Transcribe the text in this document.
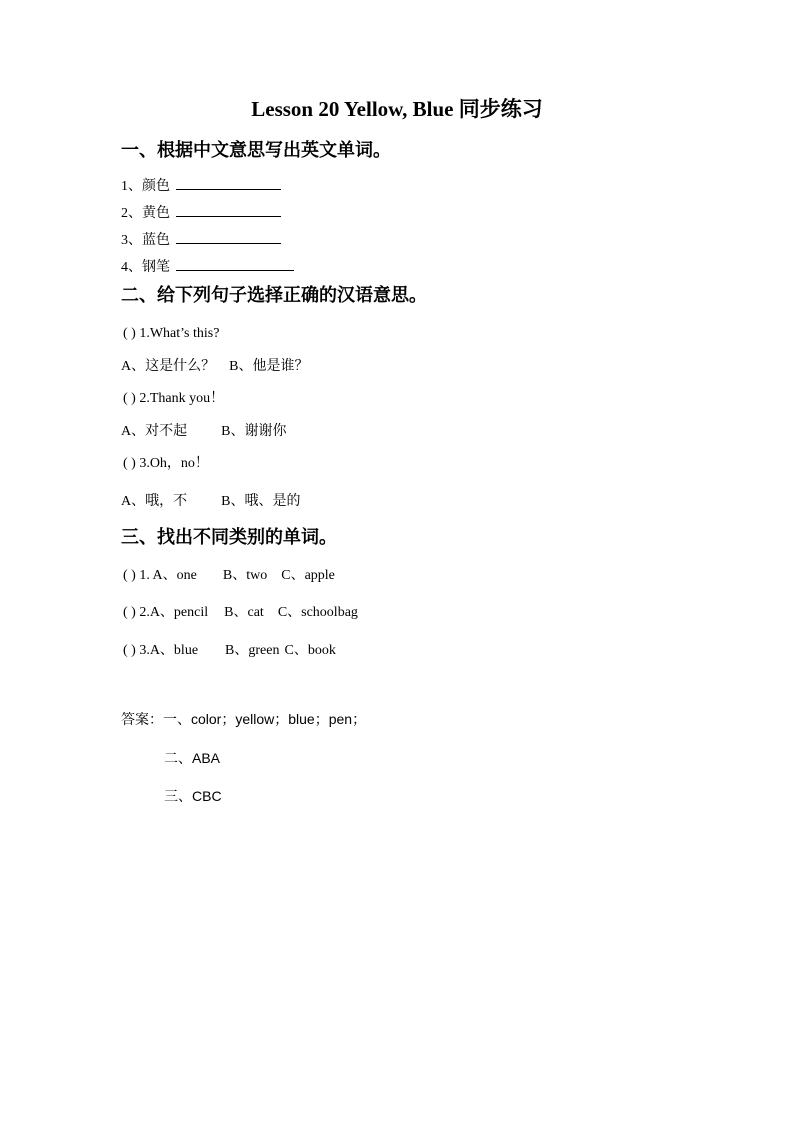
Lesson 20 Yellow, Blue 同步练习
一、根据中文意思写出英文单词。
1、颜色
2、黄色
3、蓝色
4、钢笔
二、给下列句子选择正确的汉语意思。
( ) 1.What’s this?
A、这是什么？ B、他是谁？
( ) 2.Thank you！
A、对不起 B、谢谢你
( ) 3.Oh，no！
A、哦，不 B、哦、是的
三、找出不同类别的单词。
( ) 1. A、one B、two C、apple
( ) 2.A、pencil B、cat C、schoolbag
( ) 3.A、blue B、green C、book
答案：一、color；yellow；blue；pen；
二、ABA
三、CBC
